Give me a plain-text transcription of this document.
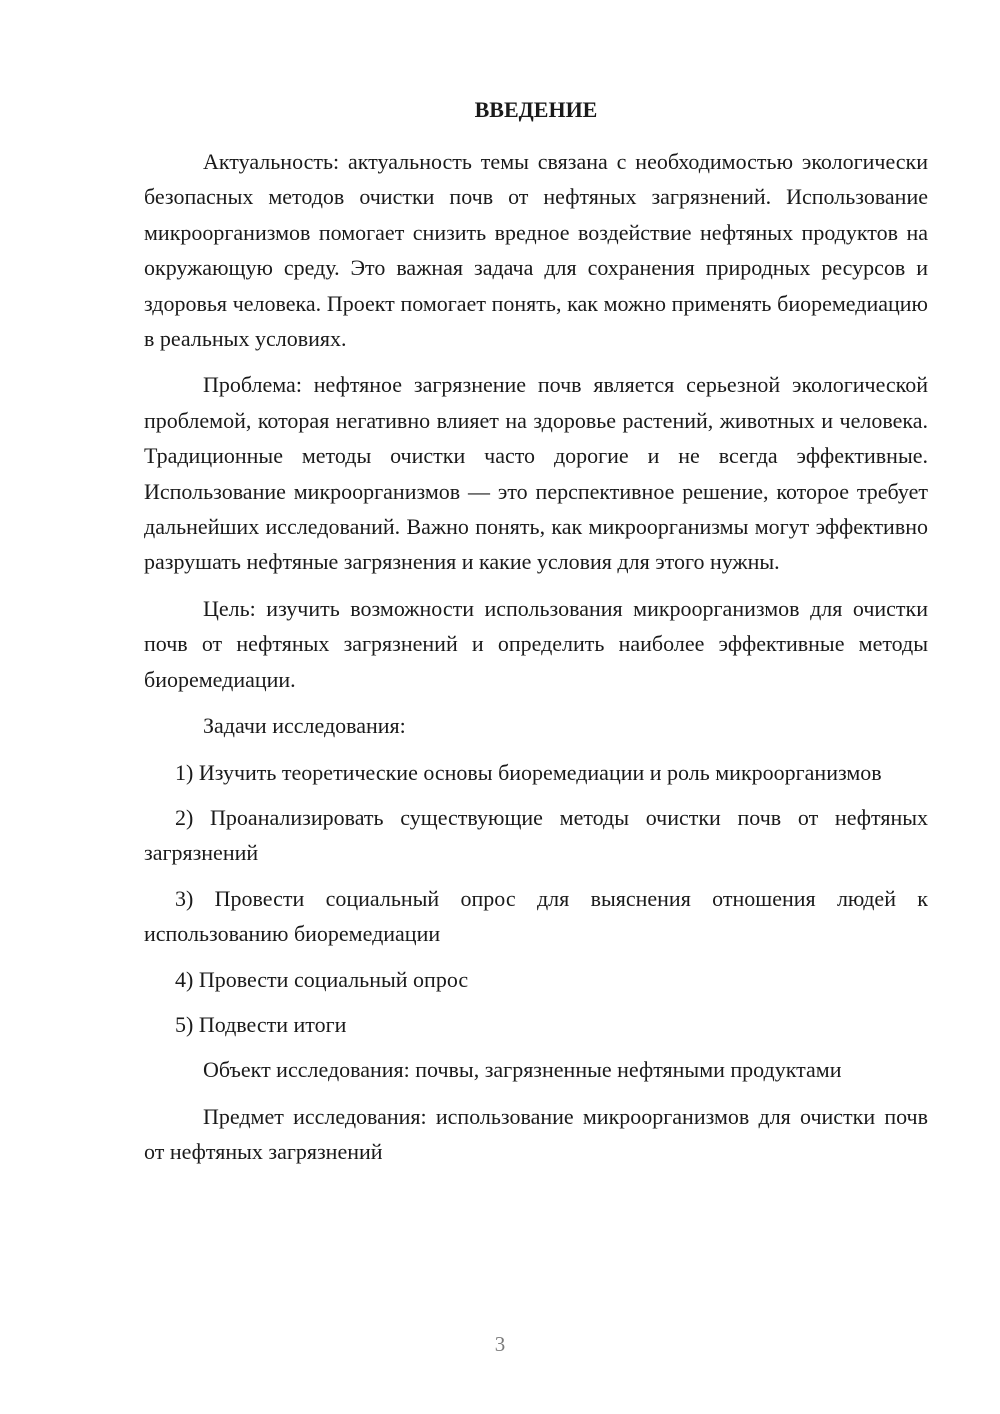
ВВЕДЕНИЕ

Актуальность: актуальность темы связана с необходимостью экологически безопасных методов очистки почв от нефтяных загрязнений. Использование микроорганизмов помогает снизить вредное воздействие нефтяных продуктов на окружающую среду. Это важная задача для сохранения природных ресурсов и здоровья человека. Проект помогает понять, как можно применять биоремедиацию в реальных условиях.

Проблема: нефтяное загрязнение почв является серьезной экологической проблемой, которая негативно влияет на здоровье растений, животных и человека. Традиционные методы очистки часто дорогие и не всегда эффективные. Использование микроорганизмов — это перспективное решение, которое требует дальнейших исследований. Важно понять, как микроорганизмы могут эффективно разрушать нефтяные загрязнения и какие условия для этого нужны.

Цель: изучить возможности использования микроорганизмов для очистки почв от нефтяных загрязнений и определить наиболее эффективные методы биоремедиации.

Задачи исследования:

1) Изучить теоретические основы биоремедиации и роль микроорганизмов

2) Проанализировать существующие методы очистки почв от нефтяных загрязнений

3) Провести социальный опрос для выяснения отношения людей к использованию биоремедиации

4) Провести социальный опрос

5) Подвести итоги

Объект исследования: почвы, загрязненные нефтяными продуктами

Предмет исследования: использование микроорганизмов для очистки почв от нефтяных загрязнений

3
